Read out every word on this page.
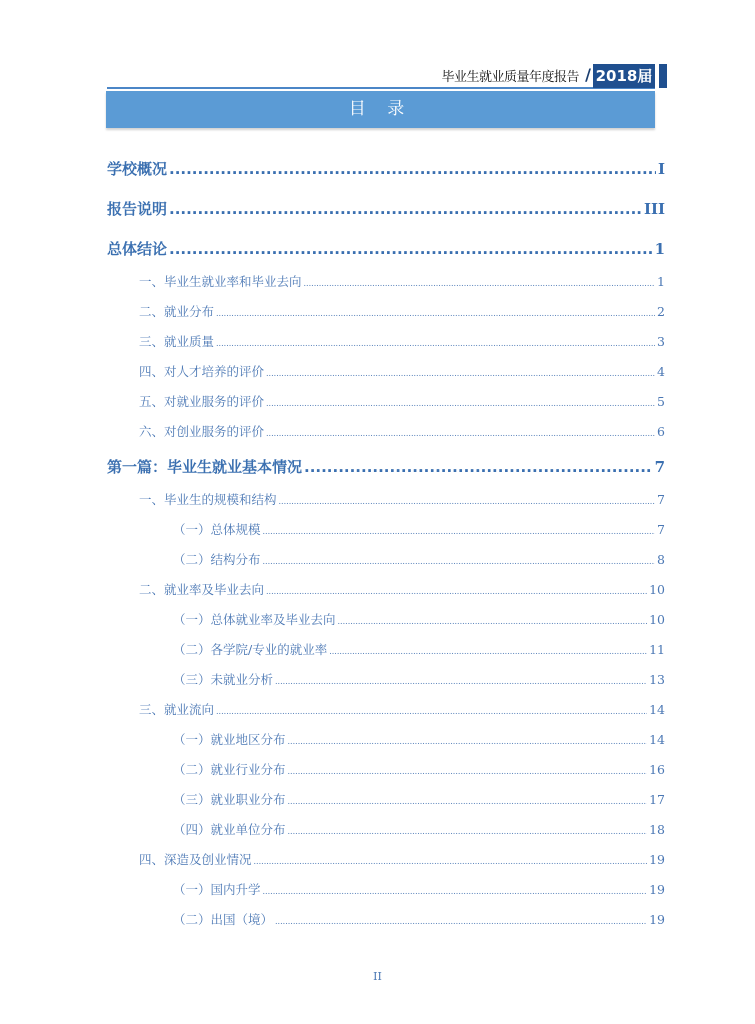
毕业生就业质量年度报告 / 2018届
目 录
学校概况 .....	I
报告说明 .....	III
总体结论 .....	1
一、毕业生就业率和毕业去向 .....	1
二、就业分布 .....	2
三、就业质量 .....	3
四、对人才培养的评价 .....	4
五、对就业服务的评价 .....	5
六、对创业服务的评价 .....	6
第一篇：毕业生就业基本情况 .....	7
一、毕业生的规模和结构 .....	7
（一）总体规模 .....	7
（二）结构分布 .....	8
二、就业率及毕业去向 .....	10
（一）总体就业率及毕业去向 .....	10
（二）各学院/专业的就业率 .....	11
（三）未就业分析 .....	13
三、就业流向 .....	14
（一）就业地区分布 .....	14
（二）就业行业分布 .....	16
（三）就业职业分布 .....	17
（四）就业单位分布 .....	18
四、深造及创业情况 .....	19
（一）国内升学 .....	19
（二）出国（境） .....	19
II
